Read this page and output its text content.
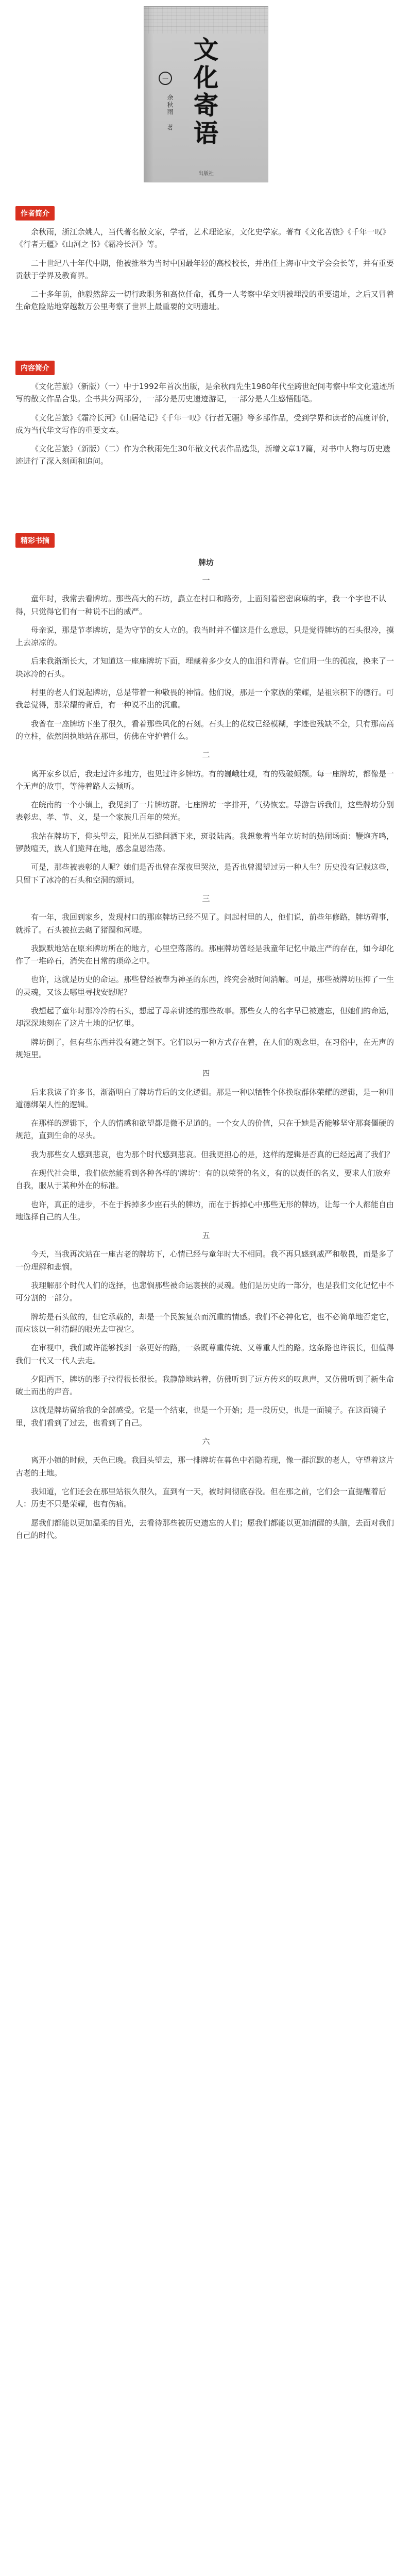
一
余秋雨 著
文
化
寄
语
出版社
作者简介

余秋雨，浙江余姚人，当代著名散文家，学者，艺术理论家，文化史学家。著有《文化苦旅》《千年一叹》《行者无疆》《山河之书》《霜冷长河》等。

二十世纪八十年代中期，他被推举为当时中国最年轻的高校校长，并出任上海市中文学会会长等，并有重要贡献于学界及教育界。

二十多年前，他毅然辞去一切行政职务和高位任命，孤身一人考察中华文明被埋没的重要遗址，之后又冒着生命危险贴地穿越数万公里考察了世界上最重要的文明遗址。

内容简介

《文化苦旅》（新版）（一）中于1992年首次出版，是余秋雨先生1980年代至跨世纪间考察中华文化遗迹所写的散文作品合集。全书共分两部分，一部分是历史遗迹游记，一部分是人生感悟随笔。

《文化苦旅》《霜冷长河》《山居笔记》《千年一叹》《行者无疆》等多部作品，受到学界和读者的高度评价，成为当代华文写作的重要文本。

《文化苦旅》（新版）（二）作为余秋雨先生30年散文代表作品选集，新增文章17篇，对书中人物与历史遗迹进行了深入刻画和追问。

精彩书摘
牌坊

一

童年时，我常去看牌坊。那些高大的石坊，矗立在村口和路旁，上面刻着密密麻麻的字，我一个字也不认得，只觉得它们有一种说不出的威严。

母亲说，那是节孝牌坊，是为守节的女人立的。我当时并不懂这是什么意思，只是觉得牌坊的石头很冷，摸上去凉凉的。

后来我渐渐长大，才知道这一座座牌坊下面，埋藏着多少女人的血泪和青春。它们用一生的孤寂，换来了一块冰冷的石头。

村里的老人们说起牌坊，总是带着一种敬畏的神情。他们说，那是一个家族的荣耀，是祖宗积下的德行。可我总觉得，那荣耀的背后，有一种说不出的沉重。

我曾在一座牌坊下坐了很久，看着那些风化的石刻。石头上的花纹已经模糊，字迹也残缺不全，只有那高高的立柱，依然固执地站在那里，仿佛在守护着什么。

二

离开家乡以后，我走过许多地方，也见过许多牌坊。有的巍峨壮观，有的残破倾颓。每一座牌坊，都像是一个无声的故事，等待着路人去倾听。

在皖南的一个小镇上，我见到了一片牌坊群。七座牌坊一字排开，气势恢宏。导游告诉我们，这些牌坊分别表彰忠、孝、节、义，是一个家族几百年的荣光。

我站在牌坊下，仰头望去，阳光从石缝间洒下来，斑驳陆离。我想象着当年立坊时的热闹场面：鞭炮齐鸣，锣鼓喧天，族人们跪拜在地，感念皇恩浩荡。

可是，那些被表彰的人呢？她们是否也曾在深夜里哭泣，是否也曾渴望过另一种人生？历史没有记载这些，只留下了冰冷的石头和空洞的颂词。

三

有一年，我回到家乡，发现村口的那座牌坊已经不见了。问起村里的人，他们说，前些年修路，牌坊碍事，就拆了。石头被拉去砌了猪圈和河堤。

我默默地站在原来牌坊所在的地方，心里空落落的。那座牌坊曾经是我童年记忆中最庄严的存在，如今却化作了一堆碎石，消失在日常的琐碎之中。

也许，这就是历史的命运。那些曾经被奉为神圣的东西，终究会被时间消解。可是，那些被牌坊压抑了一生的灵魂，又该去哪里寻找安慰呢？

我想起了童年时那冷冷的石头，想起了母亲讲述的那些故事。那些女人的名字早已被遗忘，但她们的命运，却深深地刻在了这片土地的记忆里。

牌坊倒了，但有些东西并没有随之倒下。它们以另一种方式存在着，在人们的观念里，在习俗中，在无声的规矩里。

四

后来我读了许多书，渐渐明白了牌坊背后的文化逻辑。那是一种以牺牲个体换取群体荣耀的逻辑，是一种用道德绑架人性的逻辑。

在那样的逻辑下，个人的情感和欲望都是微不足道的。一个女人的价值，只在于她是否能够坚守那套僵硬的规范，直到生命的尽头。

我为那些女人感到悲哀，也为那个时代感到悲哀。但我更担心的是，这样的逻辑是否真的已经远离了我们？

在现代社会里，我们依然能看到各种各样的'牌坊'：有的以荣誉的名义，有的以责任的名义，要求人们放弃自我，服从于某种外在的标准。

也许，真正的进步，不在于拆掉多少座石头的牌坊，而在于拆掉心中那些无形的牌坊，让每一个人都能自由地选择自己的人生。

五

今天，当我再次站在一座古老的牌坊下，心情已经与童年时大不相同。我不再只感到威严和敬畏，而是多了一份理解和悲悯。

我理解那个时代人们的选择，也悲悯那些被命运裹挟的灵魂。他们是历史的一部分，也是我们文化记忆中不可分割的一部分。

牌坊是石头做的，但它承载的，却是一个民族复杂而沉重的情感。我们不必神化它，也不必简单地否定它，而应该以一种清醒的眼光去审视它。

在审视中，我们或许能够找到一条更好的路，一条既尊重传统、又尊重人性的路。这条路也许很长，但值得我们一代又一代人去走。

夕阳西下，牌坊的影子拉得很长很长。我静静地站着，仿佛听到了远方传来的叹息声，又仿佛听到了新生命破土而出的声音。

这就是牌坊留给我的全部感受。它是一个结束，也是一个开始；是一段历史，也是一面镜子。在这面镜子里，我们看到了过去，也看到了自己。

六

离开小镇的时候，天色已晚。我回头望去，那一排牌坊在暮色中若隐若现，像一群沉默的老人，守望着这片古老的土地。

我知道，它们还会在那里站很久很久，直到有一天，被时间彻底吞没。但在那之前，它们会一直提醒着后人：历史不只是荣耀，也有伤痛。

愿我们都能以更加温柔的目光，去看待那些被历史遗忘的人们；愿我们都能以更加清醒的头脑，去面对我们自己的时代。
